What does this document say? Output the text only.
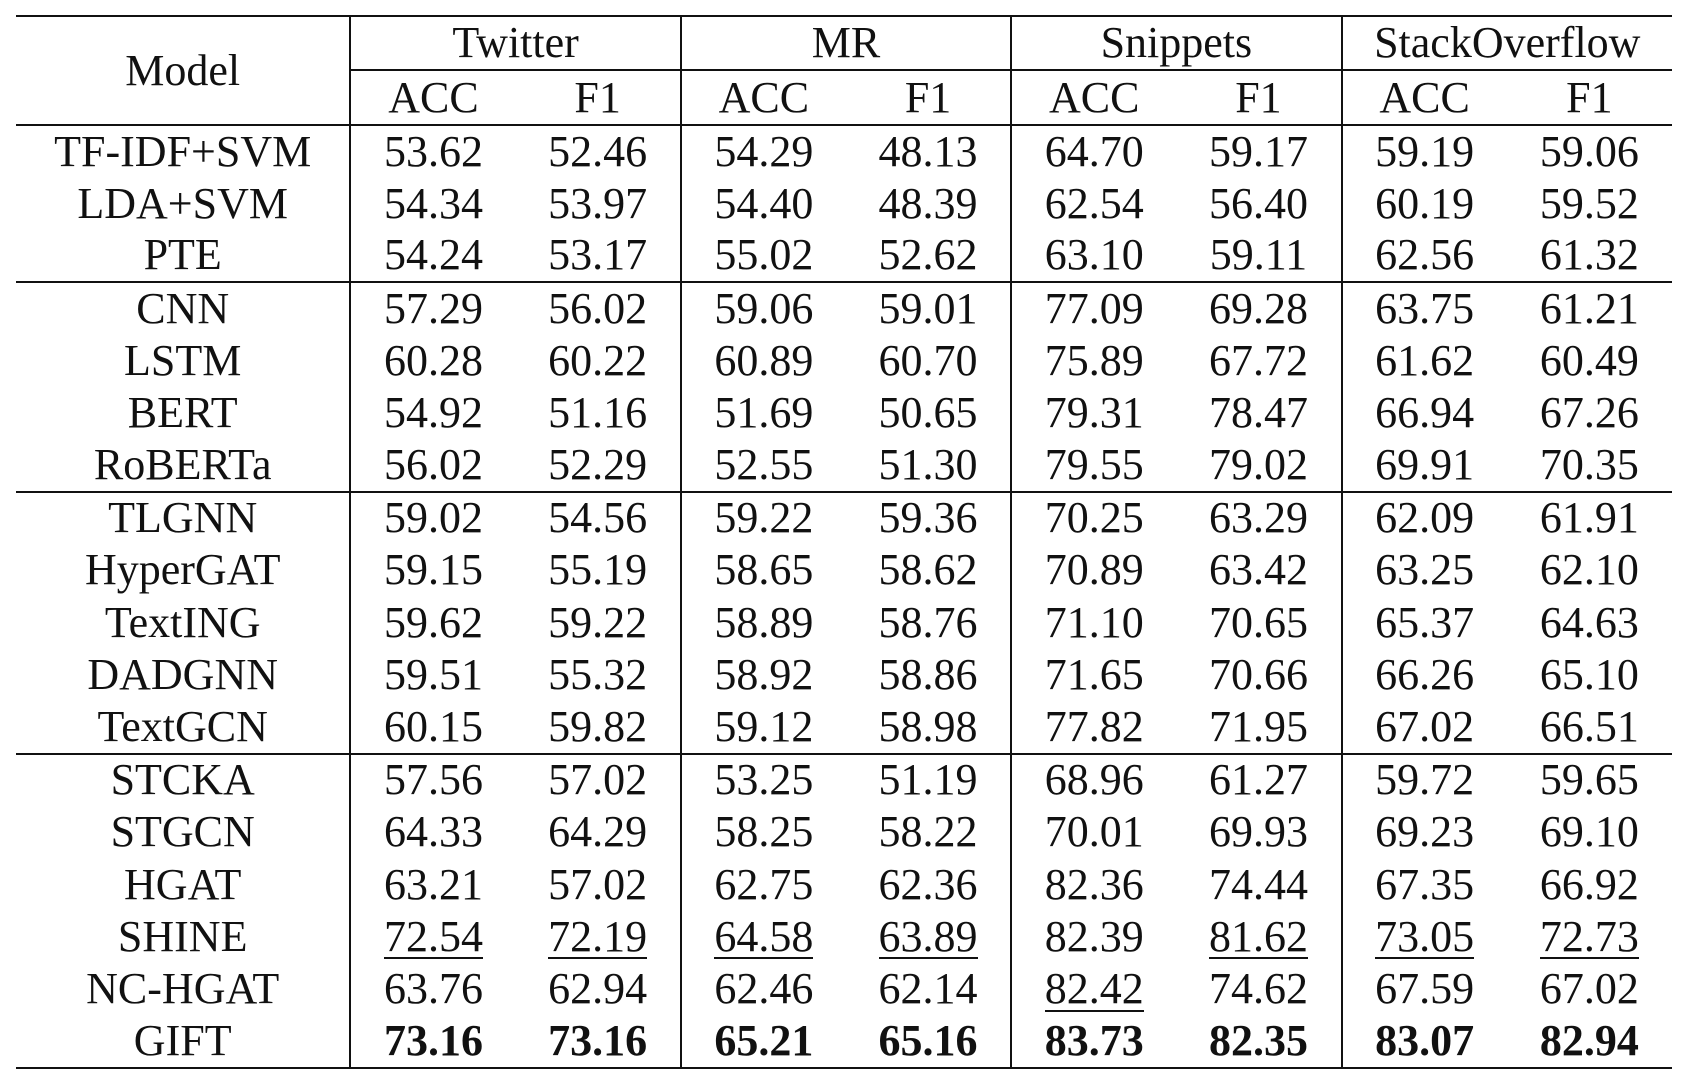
Model	Twitter		MR		Snippets		StackOverflow	
	ACC	F1	ACC	F1	ACC	F1	ACC	F1
TF-IDF+SVM	53.62	52.46	54.29	48.13	64.70	59.17	59.19	59.06
LDA+SVM	54.34	53.97	54.40	48.39	62.54	56.40	60.19	59.52
PTE	54.24	53.17	55.02	52.62	63.10	59.11	62.56	61.32
CNN	57.29	56.02	59.06	59.01	77.09	69.28	63.75	61.21
LSTM	60.28	60.22	60.89	60.70	75.89	67.72	61.62	60.49
BERT	54.92	51.16	51.69	50.65	79.31	78.47	66.94	67.26
RoBERTa	56.02	52.29	52.55	51.30	79.55	79.02	69.91	70.35
TLGNN	59.02	54.56	59.22	59.36	70.25	63.29	62.09	61.91
HyperGAT	59.15	55.19	58.65	58.62	70.89	63.42	63.25	62.10
TextING	59.62	59.22	58.89	58.76	71.10	70.65	65.37	64.63
DADGNN	59.51	55.32	58.92	58.86	71.65	70.66	66.26	65.10
TextGCN	60.15	59.82	59.12	58.98	77.82	71.95	67.02	66.51
STCKA	57.56	57.02	53.25	51.19	68.96	61.27	59.72	59.65
STGCN	64.33	64.29	58.25	58.22	70.01	69.93	69.23	69.10
HGAT	63.21	57.02	62.75	62.36	82.36	74.44	67.35	66.92
SHINE	72.54	72.19	64.58	63.89	82.39	81.62	73.05	72.73
NC-HGAT	63.76	62.94	62.46	62.14	82.42	74.62	67.59	67.02
GIFT	73.16	73.16	65.21	65.16	83.73	82.35	83.07	82.94
